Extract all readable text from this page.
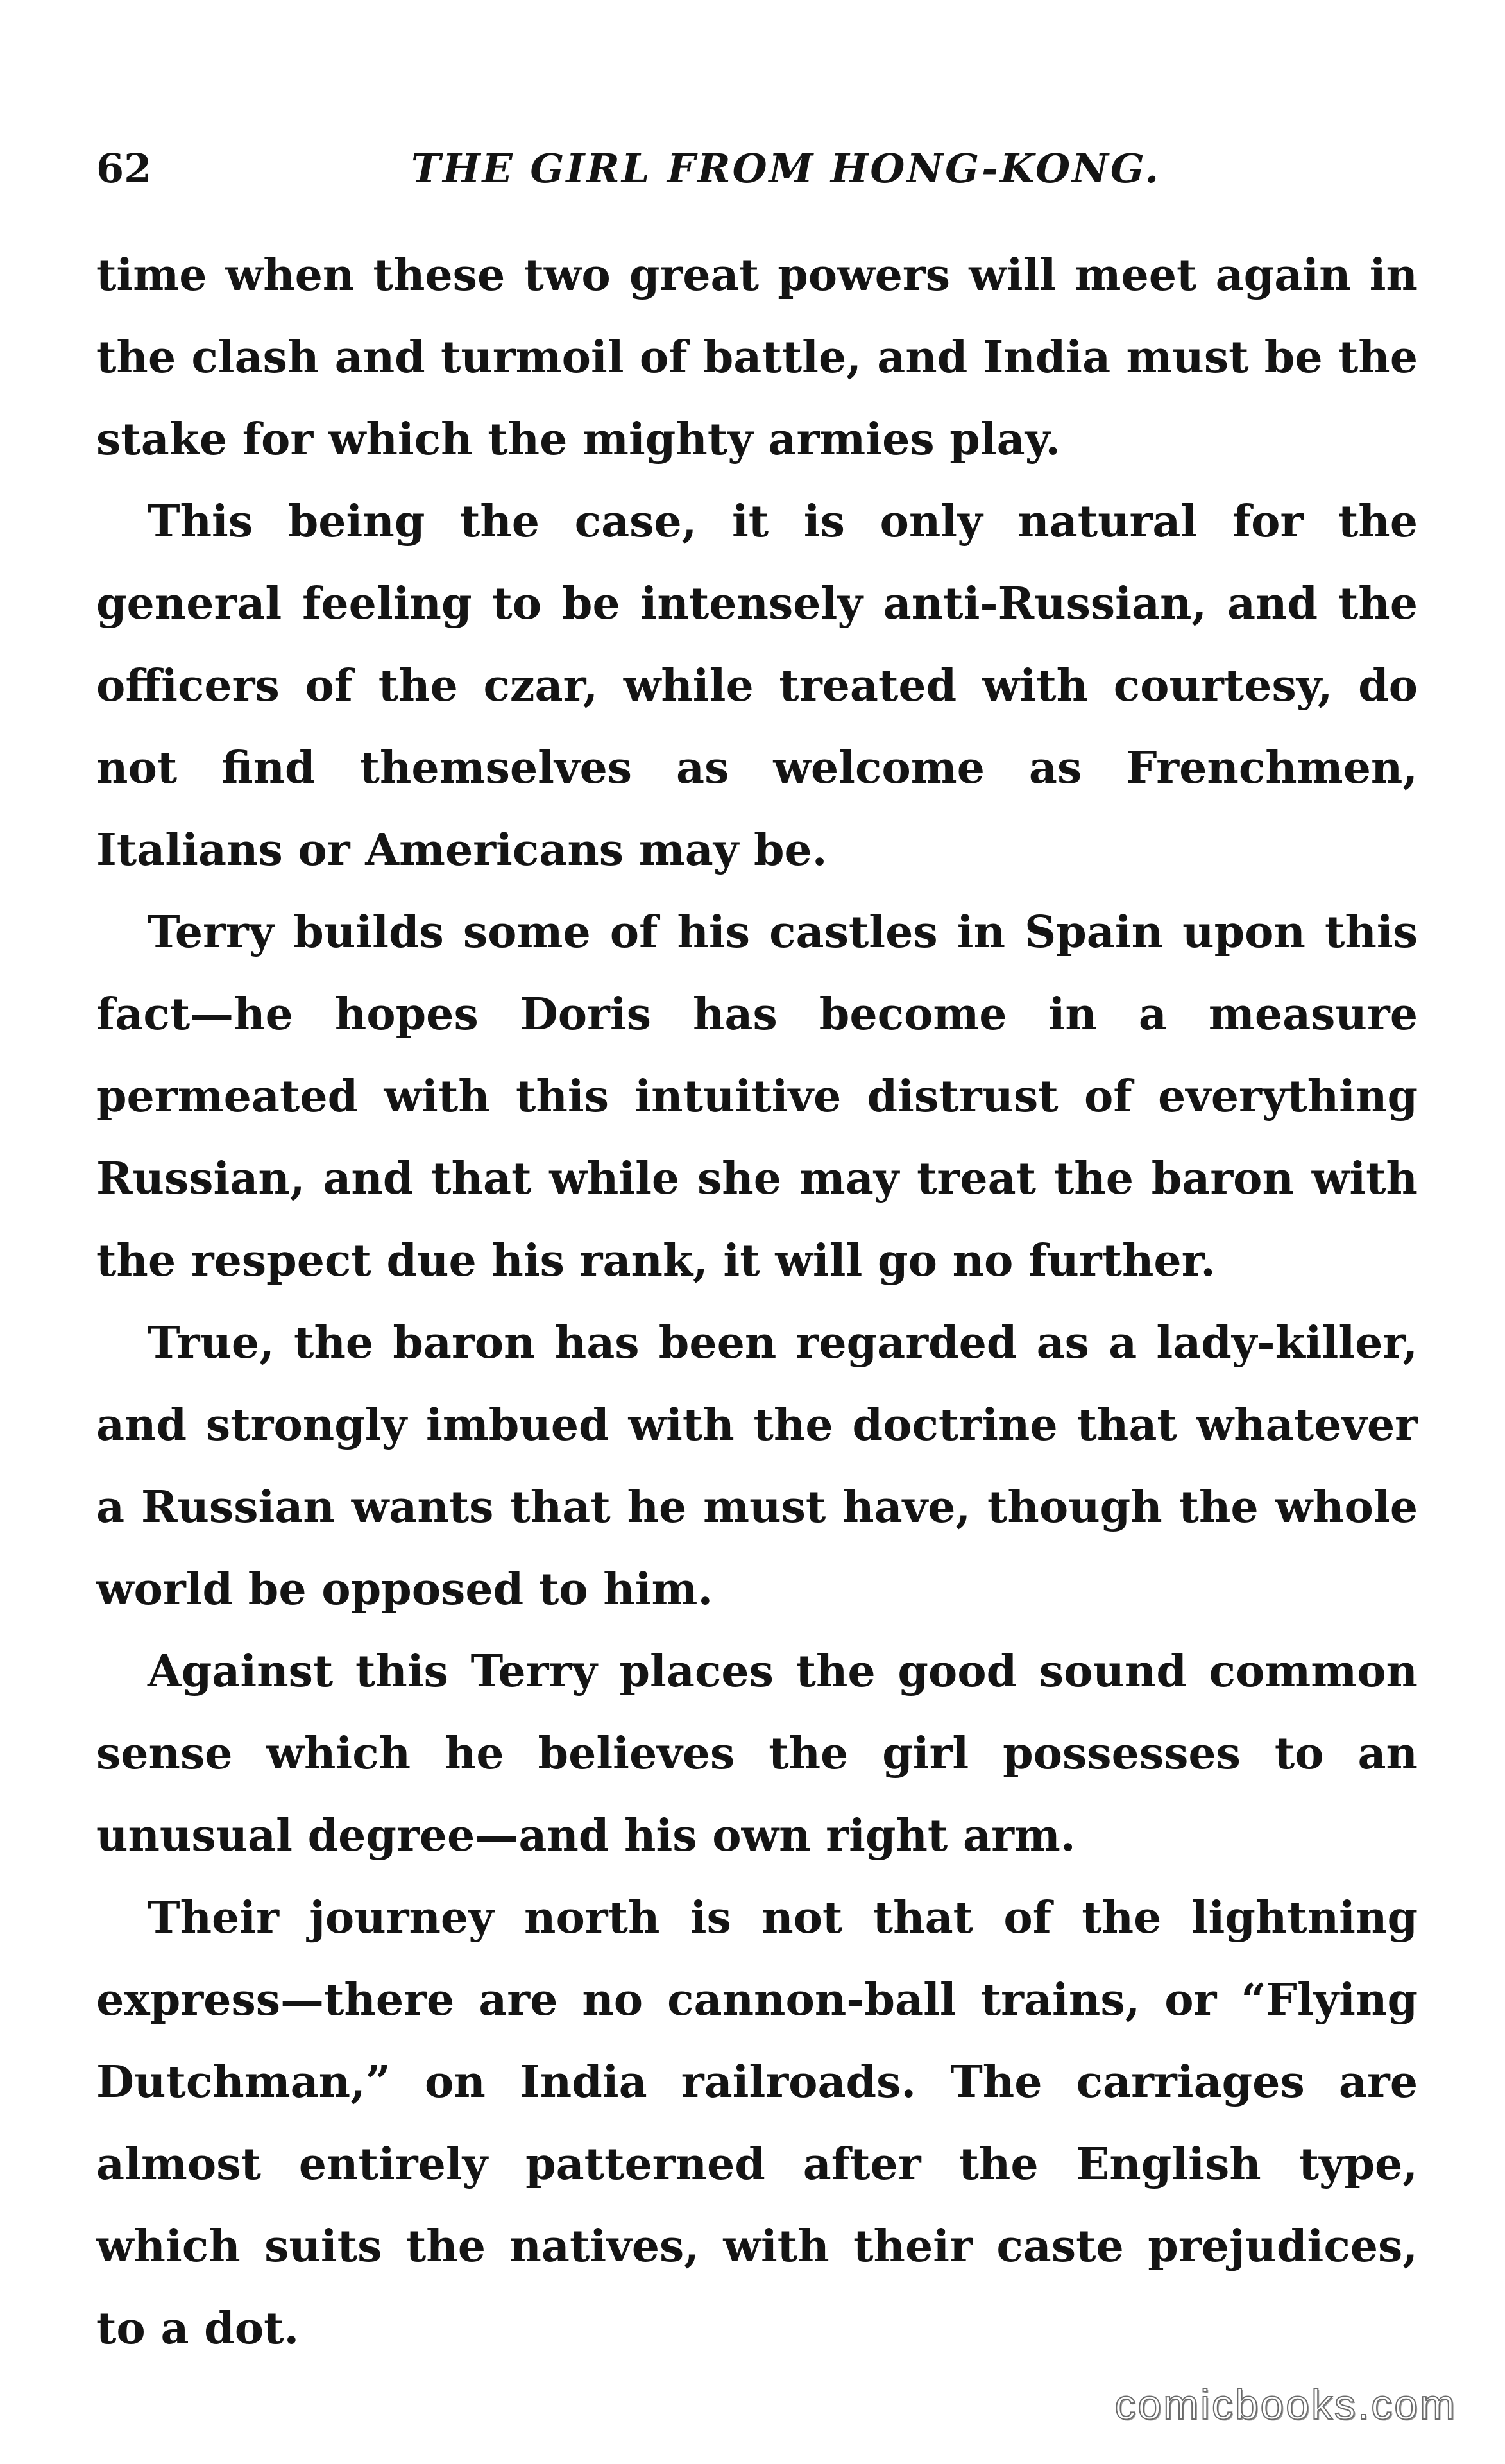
62	THE GIRL FROM HONG-KONG.

time when these two great powers will meet again in the clash and turmoil of battle, and India must be the stake for which the mighty armies play.

This being the case, it is only natural for the general feeling to be intensely anti-Russian, and the officers of the czar, while treated with courtesy, do not find themselves as welcome as Frenchmen, Italians or Americans may be.

Terry builds some of his castles in Spain upon this fact—he hopes Doris has become in a measure permeated with this intuitive distrust of everything Russian, and that while she may treat the baron with the respect due his rank, it will go no further.

True, the baron has been regarded as a lady-killer, and strongly imbued with the doctrine that whatever a Russian wants that he must have, though the whole world be opposed to him.

Against this Terry places the good sound common sense which he believes the girl possesses to an unusual degree—and his own right arm.

Their journey north is not that of the lightning express—there are no cannon-ball trains, or “Flying Dutchman,” on India railroads. The carriages are almost entirely patterned after the English type, which suits the natives, with their caste prejudices, to a dot.

comicbooks.com
